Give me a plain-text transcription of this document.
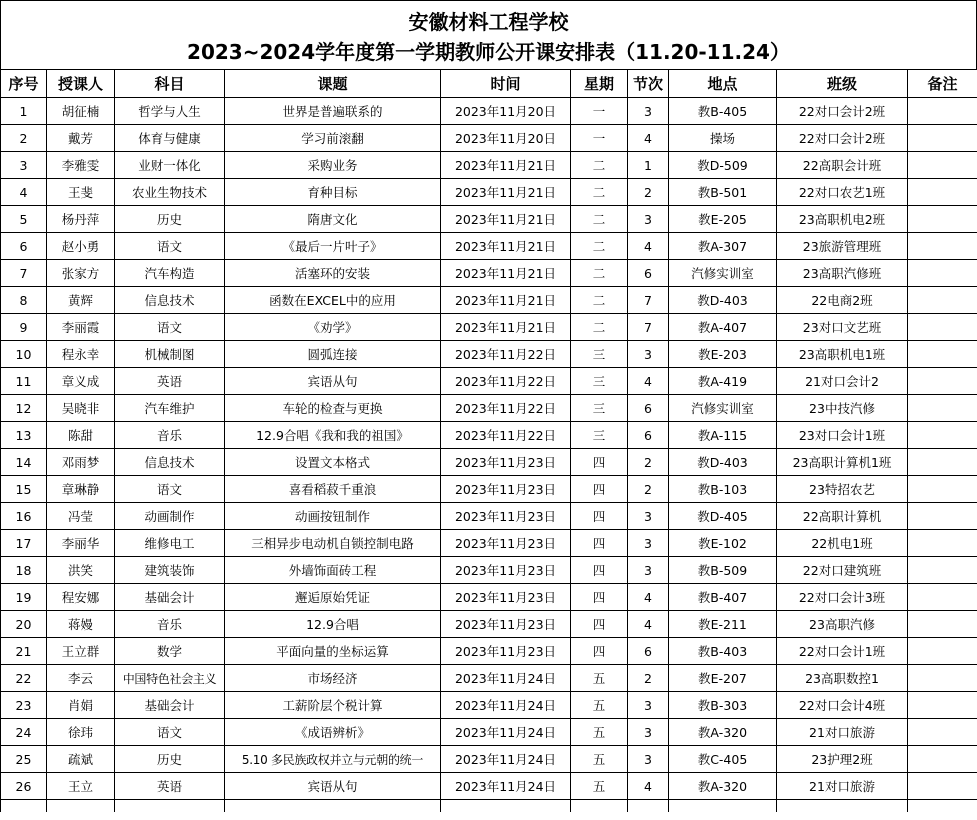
安徽材料工程学校
2023~2024学年度第一学期教师公开课安排表（11.20-11.24）
序号	授课人	科目	课题	时间	星期	节次	地点	班级	备注
1	胡征楠	哲学与人生	世界是普遍联系的	2023年11月20日	一	3	教B-405	22对口会计2班	
2	戴芳	体育与健康	学习前滚翻	2023年11月20日	一	4	操场	22对口会计2班	
3	李雅雯	业财一体化	采购业务	2023年11月21日	二	1	教D-509	22高职会计班	
4	王斐	农业生物技术	育种目标	2023年11月21日	二	2	教B-501	22对口农艺1班	
5	杨丹萍	历史	隋唐文化	2023年11月21日	二	3	教E-205	23高职机电2班	
6	赵小勇	语文	《最后一片叶子》	2023年11月21日	二	4	教A-307	23旅游管理班	
7	张家方	汽车构造	活塞环的安装	2023年11月21日	二	6	汽修实训室	23高职汽修班	
8	黄辉	信息技术	函数在EXCEL中的应用	2023年11月21日	二	7	教D-403	22电商2班	
9	李丽霞	语文	《劝学》	2023年11月21日	二	7	教A-407	23对口文艺班	
10	程永幸	机械制图	圆弧连接	2023年11月22日	三	3	教E-203	23高职机电1班	
11	章义成	英语	宾语从句	2023年11月22日	三	4	教A-419	21对口会计2	
12	吴晓非	汽车维护	车轮的检查与更换	2023年11月22日	三	6	汽修实训室	23中技汽修	
13	陈甜	音乐	12.9合唱《我和我的祖国》	2023年11月22日	三	6	教A-115	23对口会计1班	
14	邓雨梦	信息技术	设置文本格式	2023年11月23日	四	2	教D-403	23高职计算机1班	
15	章琳静	语文	喜看稻菽千重浪	2023年11月23日	四	2	教B-103	23特招农艺	
16	冯莹	动画制作	动画按钮制作	2023年11月23日	四	3	教D-405	22高职计算机	
17	李丽华	维修电工	三相异步电动机自锁控制电路	2023年11月23日	四	3	教E-102	22机电1班	
18	洪笑	建筑装饰	外墙饰面砖工程	2023年11月23日	四	3	教B-509	22对口建筑班	
19	程安娜	基础会计	邂逅原始凭证	2023年11月23日	四	4	教B-407	22对口会计3班	
20	蒋嫚	音乐	12.9合唱	2023年11月23日	四	4	教E-211	23高职汽修	
21	王立群	数学	平面向量的坐标运算	2023年11月23日	四	6	教B-403	22对口会计1班	
22	李云	中国特色社会主义	市场经济	2023年11月24日	五	2	教E-207	23高职数控1	
23	肖娟	基础会计	工薪阶层个税计算	2023年11月24日	五	3	教B-303	22对口会计4班	
24	徐玮	语文	《成语辨析》	2023年11月24日	五	3	教A-320	21对口旅游	
25	疏斌	历史	5.10 多民族政权并立与元朝的统一	2023年11月24日	五	3	教C-405	23护理2班	
26	王立	英语	宾语从句	2023年11月24日	五	4	教A-320	21对口旅游	
